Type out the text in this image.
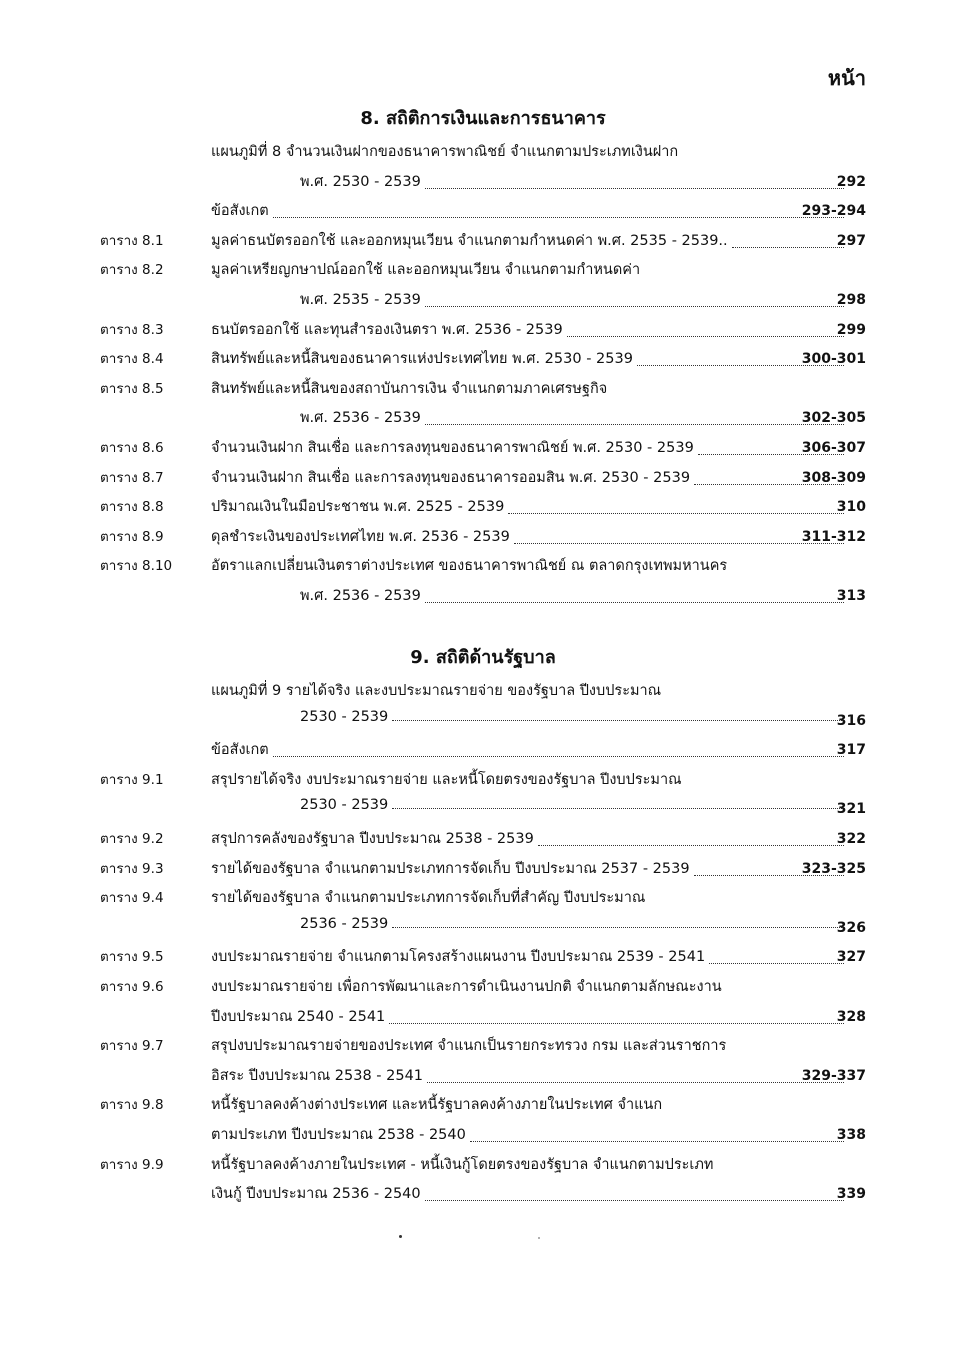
หน้า
8. สถิติการเงินและการธนาคาร
แผนภูมิที่ 8 จำนวนเงินฝากของธนาคารพาณิชย์ จำแนกตามประเภทเงินฝาก
พ.ศ. 2530 - 2539	292
ข้อสังเกต	293-294
ตาราง 8.1	มูลค่าธนบัตรออกใช้ และออกหมุนเวียน จำแนกตามกำหนดค่า พ.ศ. 2535 - 2539..	297
ตาราง 8.2	มูลค่าเหรียญกษาปณ์ออกใช้ และออกหมุนเวียน จำแนกตามกำหนดค่า
พ.ศ. 2535 - 2539	298
ตาราง 8.3	ธนบัตรออกใช้ และทุนสำรองเงินตรา พ.ศ. 2536 - 2539	299
ตาราง 8.4	สินทรัพย์และหนี้สินของธนาคารแห่งประเทศไทย พ.ศ. 2530 - 2539	300-301
ตาราง 8.5	สินทรัพย์และหนี้สินของสถาบันการเงิน จำแนกตามภาคเศรษฐกิจ
พ.ศ. 2536 - 2539	302-305
ตาราง 8.6	จำนวนเงินฝาก สินเชื่อ และการลงทุนของธนาคารพาณิชย์ พ.ศ. 2530 - 2539	306-307
ตาราง 8.7	จำนวนเงินฝาก สินเชื่อ และการลงทุนของธนาคารออมสิน พ.ศ. 2530 - 2539	308-309
ตาราง 8.8	ปริมาณเงินในมือประชาชน พ.ศ. 2525 - 2539	310
ตาราง 8.9	ดุลชำระเงินของประเทศไทย พ.ศ. 2536 - 2539	311-312
ตาราง 8.10	อัตราแลกเปลี่ยนเงินตราต่างประเทศ ของธนาคารพาณิชย์ ณ ตลาดกรุงเทพมหานคร
พ.ศ. 2536 - 2539	313
9. สถิติด้านรัฐบาล
แผนภูมิที่ 9 รายได้จริง และงบประมาณรายจ่าย ของรัฐบาล ปีงบประมาณ
2530 - 2539	316
ข้อสังเกต	317
ตาราง 9.1	สรุปรายได้จริง งบประมาณรายจ่าย และหนี้โดยตรงของรัฐบาล ปีงบประมาณ
2530 - 2539	321
ตาราง 9.2	สรุปการคลังของรัฐบาล ปีงบประมาณ 2538 - 2539	322
ตาราง 9.3	รายได้ของรัฐบาล จำแนกตามประเภทการจัดเก็บ ปีงบประมาณ 2537 - 2539	323-325
ตาราง 9.4	รายได้ของรัฐบาล จำแนกตามประเภทการจัดเก็บที่สำคัญ ปีงบประมาณ
2536 - 2539	326
ตาราง 9.5	งบประมาณรายจ่าย จำแนกตามโครงสร้างแผนงาน ปีงบประมาณ 2539 - 2541	327
ตาราง 9.6	งบประมาณรายจ่าย เพื่อการพัฒนาและการดำเนินงานปกติ จำแนกตามลักษณะงาน
ปีงบประมาณ 2540 - 2541	328
ตาราง 9.7	สรุปงบประมาณรายจ่ายของประเทศ จำแนกเป็นรายกระทรวง กรม และส่วนราชการ
อิสระ ปีงบประมาณ 2538 - 2541	329-337
ตาราง 9.8	หนี้รัฐบาลคงค้างต่างประเทศ และหนี้รัฐบาลคงค้างภายในประเทศ จำแนก
ตามประเภท ปีงบประมาณ 2538 - 2540	338
ตาราง 9.9	หนี้รัฐบาลคงค้างภายในประเทศ - หนี้เงินกู้โดยตรงของรัฐบาล จำแนกตามประเภท
เงินกู้ ปีงบประมาณ 2536 - 2540	339
